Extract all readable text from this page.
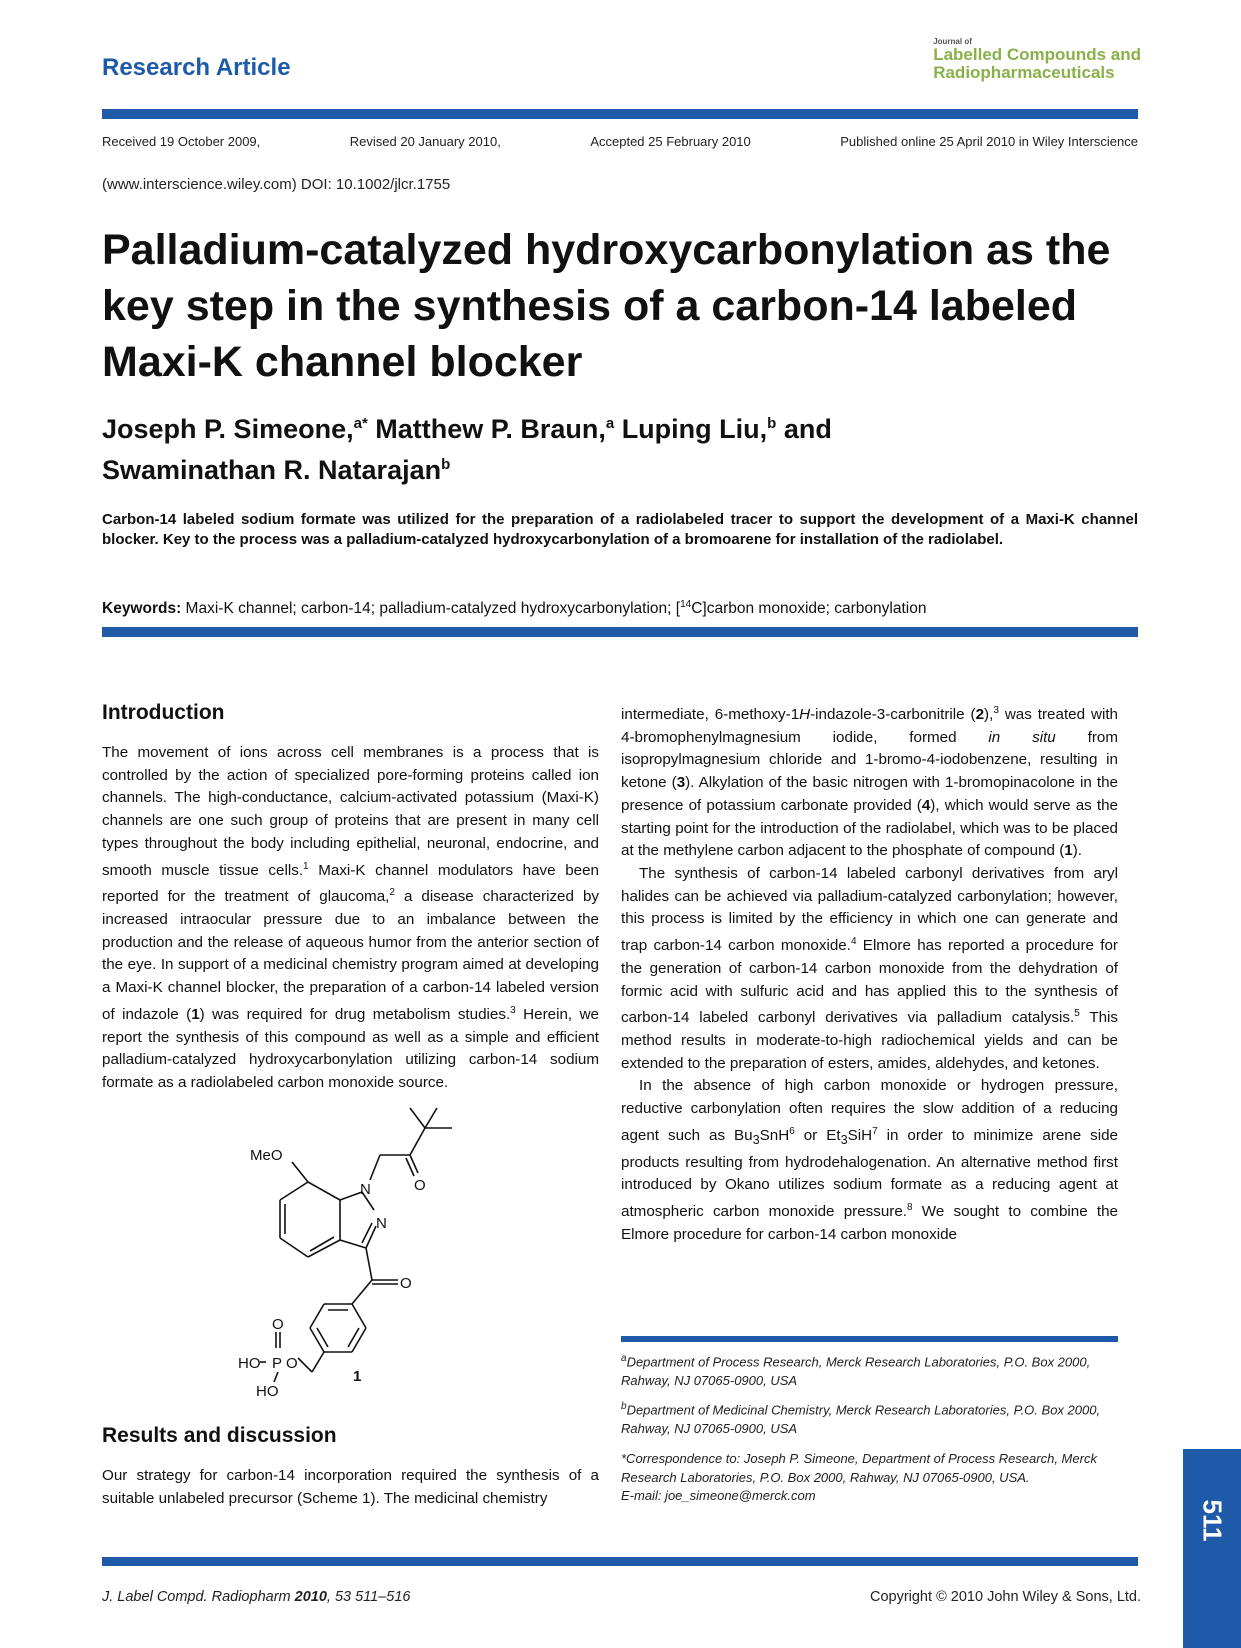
Research Article
Journal of
Labelled Compounds and
Radiopharmaceuticals
Received 19 October 2009,	Revised 20 January 2010,	Accepted 25 February 2010	Published online 25 April 2010 in Wiley Interscience
(www.interscience.wiley.com) DOI: 10.1002/jlcr.1755
Palladium-catalyzed hydroxycarbonylation as the key step in the synthesis of a carbon-14 labeled Maxi-K channel blocker
Joseph P. Simeone,$^{a*}$ Matthew P. Braun,$^a$ Luping Liu,$^b$ and
Swaminathan R. Natarajan$^b$
Carbon-14 labeled sodium formate was utilized for the preparation of a radiolabeled tracer to support the development of a Maxi-K channel blocker. Key to the process was a palladium-catalyzed hydroxycarbonylation of a bromoarene for installation of the radiolabel.
Keywords: Maxi-K channel; carbon-14; palladium-catalyzed hydroxycarbonylation; [$^{14}$C]carbon monoxide; carbonylation
Introduction

The movement of ions across cell membranes is a process that is controlled by the action of specialized pore-forming proteins called ion channels. The high-conductance, calcium-activated potassium (Maxi-K) channels are one such group of proteins that are present in many cell types throughout the body including epithelial, neuronal, endocrine, and smooth muscle tissue cells.$^1$ Maxi-K channel modulators have been reported for the treatment of glaucoma,$^2$ a disease characterized by increased intraocular pressure due to an imbalance between the production and the release of aqueous humor from the anterior section of the eye. In support of a medicinal chemistry program aimed at developing a Maxi-K channel blocker, the preparation of a carbon-14 labeled version of indazole (1) was required for drug metabolism studies.$^3$ Herein, we report the synthesis of this compound as well as a simple and efficient palladium-catalyzed hydroxycarbonylation utilizing carbon-14 sodium formate as a radiolabeled carbon monoxide source.

MeO
N
N
O
O
O
P O
HO
HO
1
Results and discussion

Our strategy for carbon-14 incorporation required the synthesis of a suitable unlabeled precursor (Scheme 1). The medicinal chemistry

intermediate, 6-methoxy-1H-indazole-3-carbonitrile (2),$^3$ was treated with 4-bromophenylmagnesium iodide, formed in situ from isopropylmagnesium chloride and 1-bromo-4-iodobenzene, resulting in ketone (3). Alkylation of the basic nitrogen with 1-bromopinacolone in the presence of potassium carbonate provided (4), which would serve as the starting point for the introduction of the radiolabel, which was to be placed at the methylene carbon adjacent to the phosphate of compound (1).

The synthesis of carbon-14 labeled carbonyl derivatives from aryl halides can be achieved via palladium-catalyzed carbonylation; however, this process is limited by the efficiency in which one can generate and trap carbon-14 carbon monoxide.$^4$ Elmore has reported a procedure for the generation of carbon-14 carbon monoxide from the dehydration of formic acid with sulfuric acid and has applied this to the synthesis of carbon-14 labeled carbonyl derivatives via palladium catalysis.$^5$ This method results in moderate-to-high radiochemical yields and can be extended to the preparation of esters, amides, aldehydes, and ketones.

In the absence of high carbon monoxide or hydrogen pressure, reductive carbonylation often requires the slow addition of a reducing agent such as $Bu_3SnH^6$ or $Et_3SiH^7$ in order to minimize arene side products resulting from hydrodehalogenation. An alternative method first introduced by Okano utilizes sodium formate as a reducing agent at atmospheric carbon monoxide pressure.$^8$ We sought to combine the Elmore procedure for carbon-14 carbon monoxide

$^a$Department of Process Research, Merck Research Laboratories, P.O. Box 2000, Rahway, NJ 07065-0900, USA
$^b$Department of Medicinal Chemistry, Merck Research Laboratories, P.O. Box 2000, Rahway, NJ 07065-0900, USA
*Correspondence to: Joseph P. Simeone, Department of Process Research, Merck Research Laboratories, P.O. Box 2000, Rahway, NJ 07065-0900, USA.
E-mail: joe_simeone@merck.com
J. Label Compd. Radiopharm 2010, 53 511–516	Copyright © 2010 John Wiley & Sons, Ltd.
511
